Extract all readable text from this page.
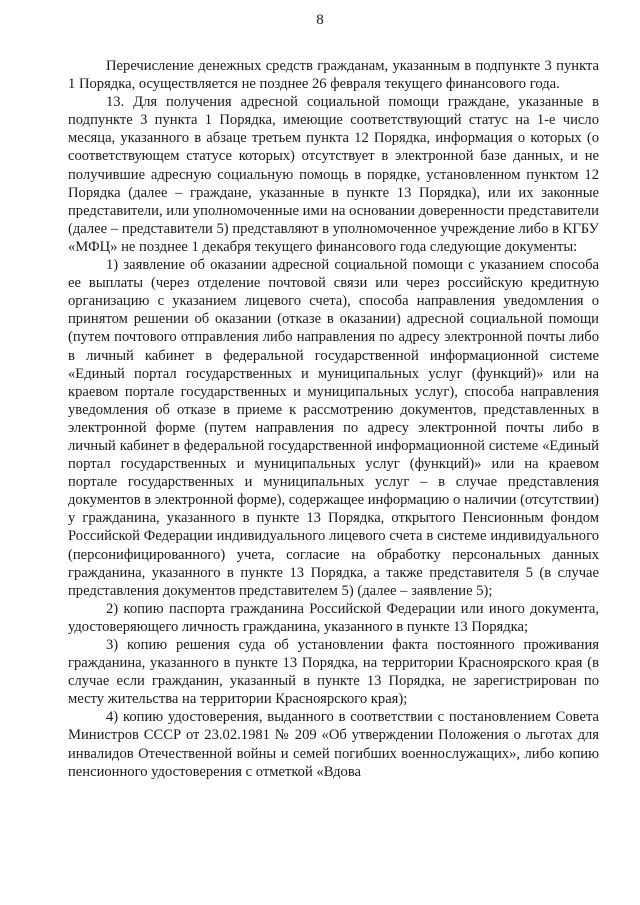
8

Перечисление денежных средств гражданам, указанным в подпункте 3 пункта 1 Порядка, осуществляется не позднее 26 февраля текущего финансового года.

13. Для получения адресной социальной помощи граждане, указанные в подпункте 3 пункта 1 Порядка, имеющие соответствующий статус на 1-е число месяца, указанного в абзаце третьем пункта 12 Порядка, информация о которых (о соответствующем статусе которых) отсутствует в электронной базе данных, и не получившие адресную социальную помощь в порядке, установленном пунктом 12 Порядка (далее – граждане, указанные в пункте 13 Порядка), или их законные представители, или уполномоченные ими на основании доверенности представители (далее – представители 5) представляют в уполномоченное учреждение либо в КГБУ «МФЦ» не позднее 1 декабря текущего финансового года следующие документы:

1) заявление об оказании адресной социальной помощи с указанием способа ее выплаты (через отделение почтовой связи или через российскую кредитную организацию с указанием лицевого счета), способа направления уведомления о принятом решении об оказании (отказе в оказании) адресной социальной помощи (путем почтового отправления либо направления по адресу электронной почты либо в личный кабинет в федеральной государственной информационной системе «Единый портал государственных и муниципальных услуг (функций)» или на краевом портале государственных и муниципальных услуг), способа направления уведомления об отказе в приеме к рассмотрению документов, представленных в электронной форме (путем направления по адресу электронной почты либо в личный кабинет в федеральной государственной информационной системе «Единый портал государственных и муниципальных услуг (функций)» или на краевом портале государственных и муниципальных услуг – в случае представления документов в электронной форме), содержащее информацию о наличии (отсутствии) у гражданина, указанного в пункте 13 Порядка, открытого Пенсионным фондом Российской Федерации индивидуального лицевого счета в системе индивидуального (персонифицированного) учета, согласие на обработку персональных данных гражданина, указанного в пункте 13 Порядка, а также представителя 5 (в случае представления документов представителем 5) (далее – заявление 5);

2) копию паспорта гражданина Российской Федерации или иного документа, удостоверяющего личность гражданина, указанного в пункте 13 Порядка;

3) копию решения суда об установлении факта постоянного проживания гражданина, указанного в пункте 13 Порядка, на территории Красноярского края (в случае если гражданин, указанный в пункте 13 Порядка, не зарегистрирован по месту жительства на территории Красноярского края);

4) копию удостоверения, выданного в соответствии с постановлением Совета Министров СССР от 23.02.1981 № 209 «Об утверждении Положения о льготах для инвалидов Отечественной войны и семей погибших военнослужащих», либо копию пенсионного удостоверения с отметкой «Вдова
